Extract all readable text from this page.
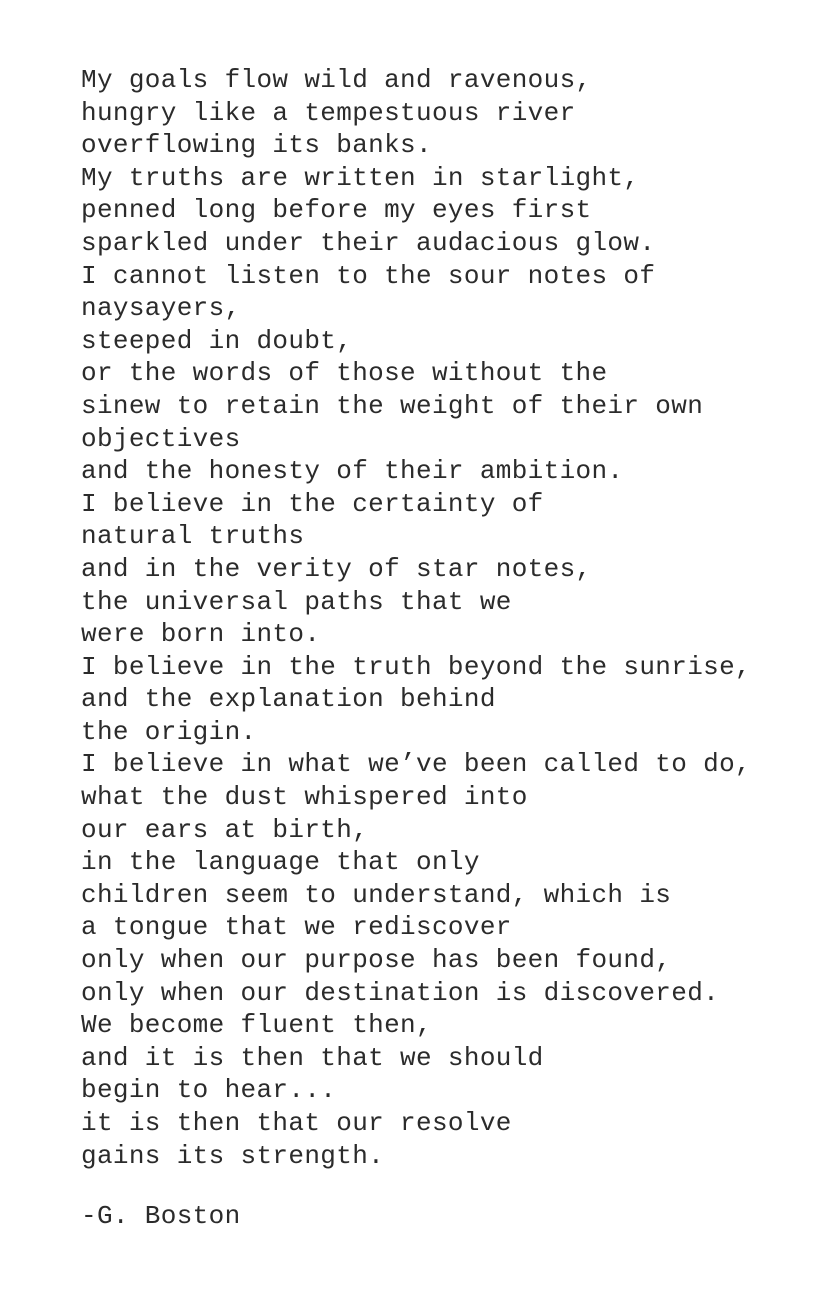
My goals flow wild and ravenous,
hungry like a tempestuous river
overflowing its banks.
My truths are written in starlight,
penned long before my eyes first
sparkled under their audacious glow.
I cannot listen to the sour notes of
naysayers,
steeped in doubt,
or the words of those without the
sinew to retain the weight of their own
objectives
and the honesty of their ambition.
I believe in the certainty of
natural truths
and in the verity of star notes,
the universal paths that we
were born into.
I believe in the truth beyond the sunrise,
and the explanation behind
the origin.
I believe in what we’ve been called to do,
what the dust whispered into
our ears at birth,
in the language that only
children seem to understand, which is
a tongue that we rediscover
only when our purpose has been found,
only when our destination is discovered.
We become fluent then,
and it is then that we should
begin to hear...
it is then that our resolve
gains its strength.
-G. Boston
